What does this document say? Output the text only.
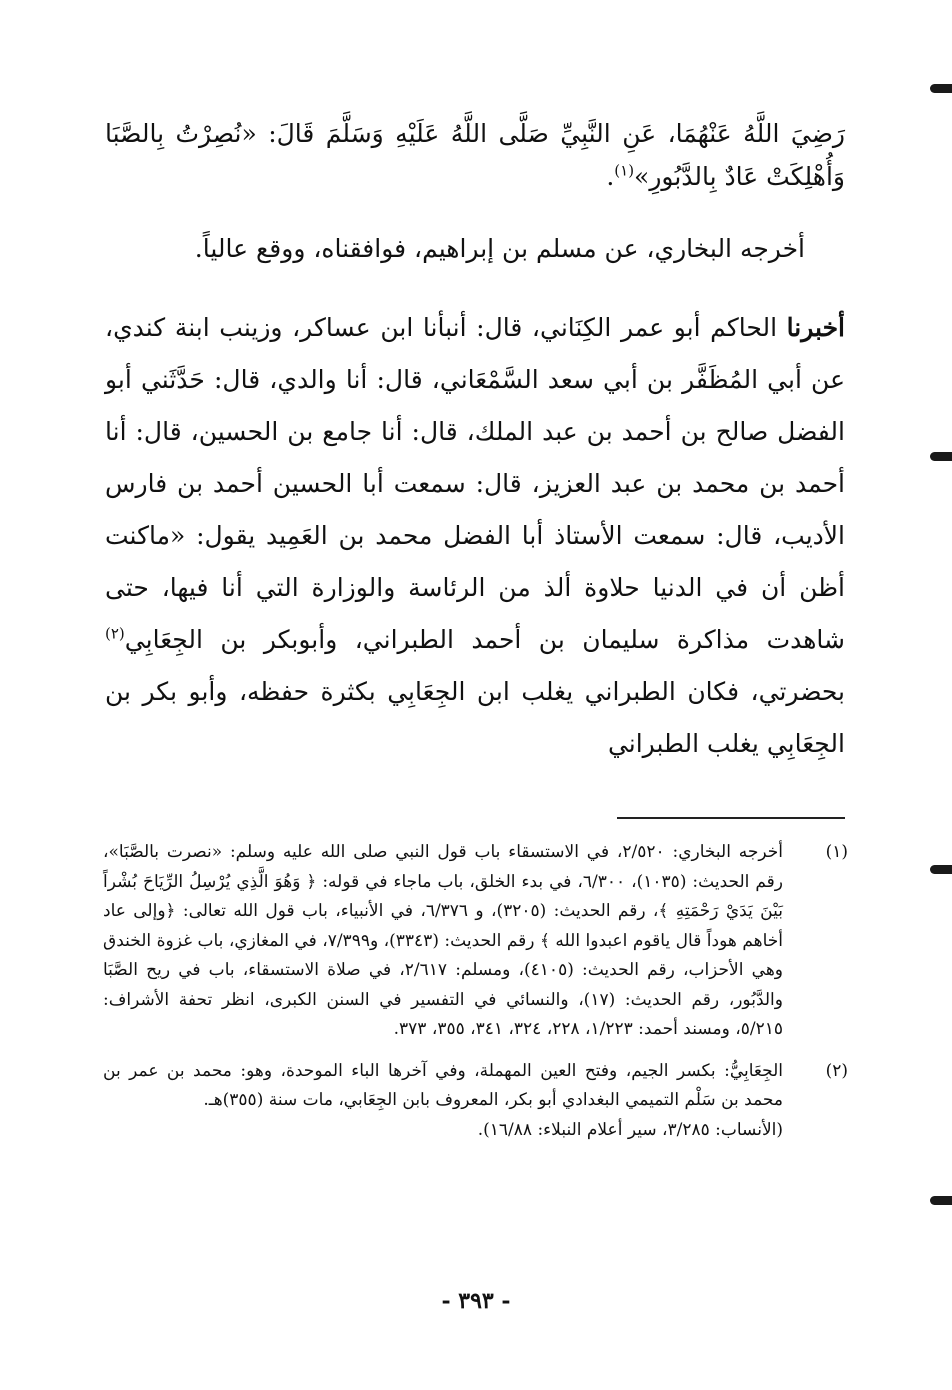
رَضِيَ اللَّهُ عَنْهُمَا، عَنِ النَّبِيِّ صَلَّى اللَّهُ عَلَيْهِ وَسَلَّمَ قَالَ: «نُصِرْتُ بِالصَّبَا وَأُهْلِكَتْ عَادٌ بِالدَّبُورِ»$^{(١)}$.

أخرجه البخاري، عن مسلم بن إبراهيم، فوافقناه، ووقع عالياً.

أخبرنا الحاكم أبو عمر الكِنَاني، قال: أنبأنا ابن عساكر، وزينب ابنة كندي، عن أبي المُظَفَّر بن أبي سعد السَّمْعَاني، قال: أنا والدي، قال: حَدَّثَني أبو الفضل صالح بن أحمد بن عبد الملك، قال: أنا جامع بن الحسين، قال: أنا أحمد بن محمد بن عبد العزيز، قال: سمعت أبا الحسين أحمد بن فارس الأديب، قال: سمعت الأستاذ أبا الفضل محمد بن العَمِيد يقول: «ماكنت أظن أن في الدنيا حلاوة ألذ من الرئاسة والوزارة التي أنا فيها، حتى شاهدت مذاكرة سليمان بن أحمد الطبراني، وأبوبكر بن الجِعَابِي$^{(٢)}$ بحضرتي، فكان الطبراني يغلب ابن الجِعَابِي بكثرة حفظه، وأبو بكر بن الجِعَابِي يغلب الطبراني

(١)
أخرجه البخاري: ٢/٥٢٠، في الاستسقاء باب قول النبي صلى الله عليه وسلم: «نصرت بالصَّبَا»، رقم الحديث: (١٠٣٥)، ٦/٣٠٠، في بدء الخلق، باب ماجاء في قوله: ﴿ وَهُوَ الَّذِي يُرْسِلُ الرِّيَاحَ بُشْراً بَيْنَ يَدَيْ رَحْمَتِهِ ﴾، رقم الحديث: (٣٢٠٥)، و ٦/٣٧٦، في الأنبياء، باب قول الله تعالى: ﴿وإلى عاد أخاهم هوداً قال ياقوم اعبدوا الله ﴾ رقم الحديث: (٣٣٤٣)، و٧/٣٩٩، في المغازي، باب غزوة الخندق وهي الأحزاب، رقم الحديث: (٤١٠٥)، ومسلم: ٢/٦١٧، في صلاة الاستسقاء، باب في ريح الصَّبَا والدَّبُور، رقم الحديث: (١٧)، والنسائي في التفسير في السنن الكبرى، انظر تحفة الأشراف: ٥/٢١٥، ومسند أحمد: ١/٢٢٣، ٢٢٨، ٣٢٤، ٣٤١، ٣٥٥، ٣٧٣.

(٢)

الجِعَابِيُّ: بكسر الجيم، وفتح العين المهملة، وفي آخرها الباء الموحدة، وهو: محمد بن عمر بن محمد بن سَلْم التميمي البغدادي أبو بكر، المعروف بابن الجِعَابي، مات سنة (٣٥٥)هـ.

(الأنساب: ٣/٢٨٥، سير أعلام النبلاء: ١٦/٨٨).

- ٣٩٣ -
